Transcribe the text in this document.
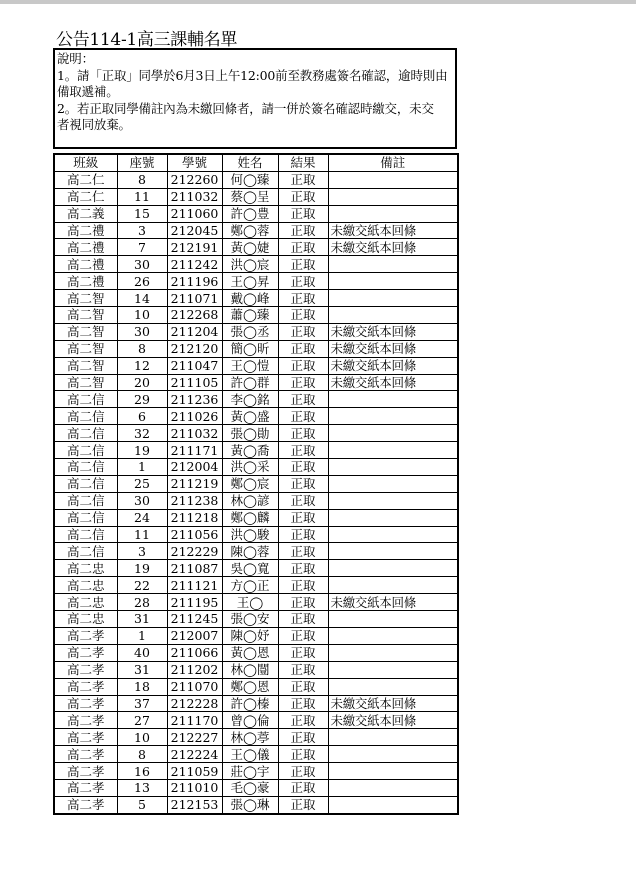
公告114-1高三課輔名單
說明：
1。請「正取」同學於6月3日上午12:00前至教務處簽名確認，逾時則由
備取遞補。
2。若正取同學備註內為未繳回條者，請一併於簽名確認時繳交，未交
者視同放棄。
班級	座號	學號	姓名	結果	備註
高二仁	8	212260	何◯臻	正取	
高二仁	11	211032	蔡◯呈	正取	
高二義	15	211060	許◯豊	正取	
高二禮	3	212045	鄭◯蓉	正取	未繳交紙本回條
高二禮	7	212191	黃◯婕	正取	未繳交紙本回條
高二禮	30	211242	洪◯宸	正取	
高二禮	26	211196	王◯昇	正取	
高二智	14	211071	戴◯峰	正取	
高二智	10	212268	蕭◯臻	正取	
高二智	30	211204	張◯丞	正取	未繳交紙本回條
高二智	8	212120	簡◯昕	正取	未繳交紙本回條
高二智	12	211047	王◯愷	正取	未繳交紙本回條
高二智	20	211105	許◯群	正取	未繳交紙本回條
高二信	29	211236	李◯銘	正取	
高二信	6	211026	黃◯盛	正取	
高二信	32	211032	張◯勛	正取	
高二信	19	211171	黃◯喬	正取	
高二信	1	212004	洪◯采	正取	
高二信	25	211219	鄭◯宸	正取	
高二信	30	211238	林◯諺	正取	
高二信	24	211218	鄭◯麟	正取	
高二信	11	211056	洪◯駿	正取	
高二信	3	212229	陳◯蓉	正取	
高二忠	19	211087	吳◯寬	正取	
高二忠	22	211121	方◯正	正取	
高二忠	28	211195	王◯	正取	未繳交紙本回條
高二忠	31	211245	張◯安	正取	
高二孝	1	212007	陳◯妤	正取	
高二孝	40	211066	黃◯恩	正取	
高二孝	31	211202	林◯闓	正取	
高二孝	18	211070	鄭◯恩	正取	
高二孝	37	212228	許◯榛	正取	未繳交紙本回條
高二孝	27	211170	曾◯倫	正取	未繳交紙本回條
高二孝	10	212227	林◯葶	正取	
高二孝	8	212224	王◯儀	正取	
高二孝	16	211059	莊◯宇	正取	
高二孝	13	211010	毛◯豪	正取	
高二孝	5	212153	張◯琳	正取	
